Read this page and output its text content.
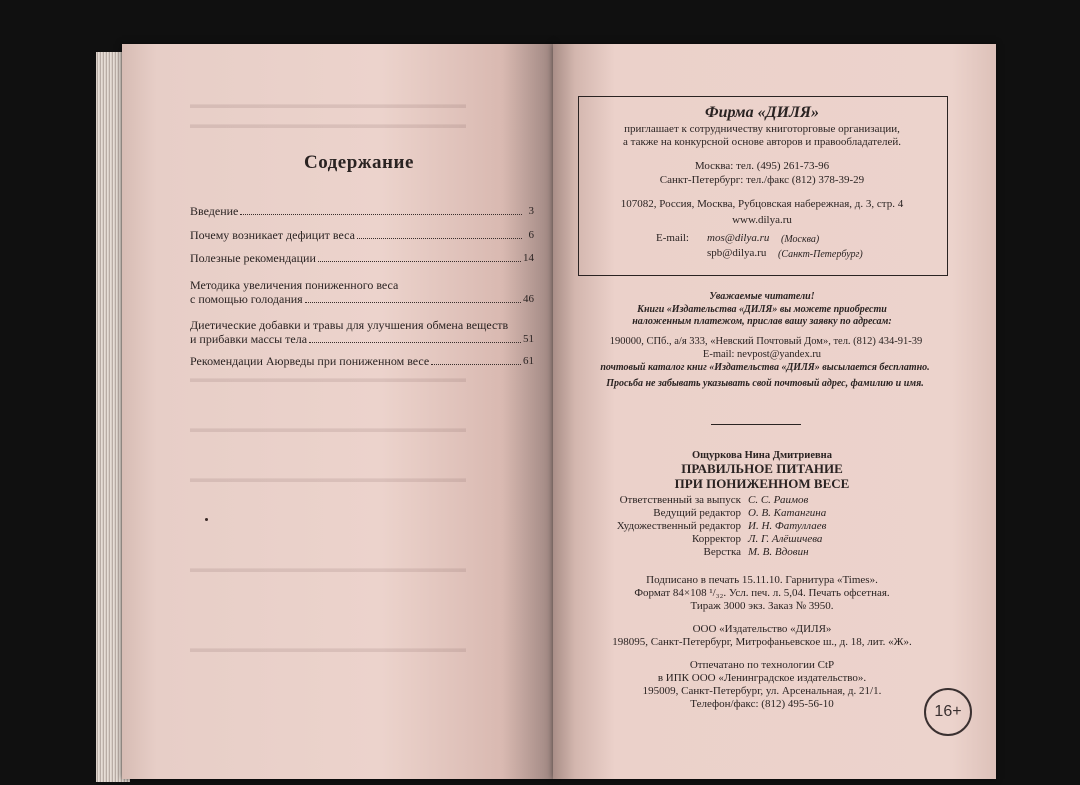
▬▬▬▬▬▬▬▬▬▬▬▬▬▬▬▬▬▬▬▬▬▬▬
▬▬▬▬▬▬▬▬▬▬▬▬▬▬▬▬▬▬▬▬▬▬▬
▬▬▬▬▬▬▬▬▬▬▬▬▬▬▬▬▬▬▬▬▬▬▬
▬▬▬▬▬▬▬▬▬▬▬▬▬▬▬▬▬▬▬▬▬▬▬
▬▬▬▬▬▬▬▬▬▬▬▬▬▬▬▬▬▬▬▬▬▬▬
▬▬▬▬▬▬▬▬▬▬▬▬▬▬▬▬▬▬▬▬▬▬▬
▬▬▬▬▬▬▬▬▬▬▬▬▬▬▬▬▬▬▬▬▬▬▬
Содержание
Введение	3
Почему возникает дефицит веса	6
Полезные рекомендации	14
Методика увеличения пониженного веса
с помощью голодания	46
Диетические добавки и травы для улучшения обмена веществ
и прибавки массы тела	51
Рекомендации Аюрведы при пониженном весе	61
Фирма «ДИЛЯ»
приглашает к сотрудничеству книготорговые организации,
а также на конкурсной основе авторов и правообладателей.
Москва: тел. (495) 261-73-96
Санкт-Петербург: тел./факс (812) 378-39-29
107082, Россия, Москва, Рубцовская набережная, д. 3, стр. 4
www.dilya.ru
E-mail: mos@dilya.ru (Москва)
spb@dilya.ru (Санкт-Петербург)
Уважаемые читатели!
Книги «Издательства «ДИЛЯ» вы можете приобрести
наложенным платежом, прислав вашу заявку по адресам:
190000, СПб., а/я 333, «Невский Почтовый Дом», тел. (812) 434-91-39
E-mail: nevpost@yandex.ru
почтовый каталог книг «Издательства «ДИЛЯ» высылается бесплатно.
Просьба не забывать указывать свой почтовый адрес, фамилию и имя.
Ощуркова Нина Дмитриевна
ПРАВИЛЬНОЕ ПИТАНИЕ
ПРИ ПОНИЖЕННОМ ВЕСЕ
Ответственный за выпуск С. С. Раимов
Ведущий редактор О. В. Катангина
Художественный редактор И. Н. Фатуллаев
Корректор Л. Г. Алёшичева
Верстка М. В. Вдовин
Подписано в печать 15.11.10. Гарнитура «Times».
Формат 84×108 ¹/₃₂. Усл. печ. л. 5,04. Печать офсетная.
Тираж 3000 экз. Заказ № 3950.
ООО «Издательство «ДИЛЯ»
198095, Санкт-Петербург, Митрофаньевское ш., д. 18, лит. «Ж».
Отпечатано по технологии CtP
в ИПК ООО «Ленинградское издательство».
195009, Санкт-Петербург, ул. Арсенальная, д. 21/1.
Телефон/факс: (812) 495-56-10	16+
